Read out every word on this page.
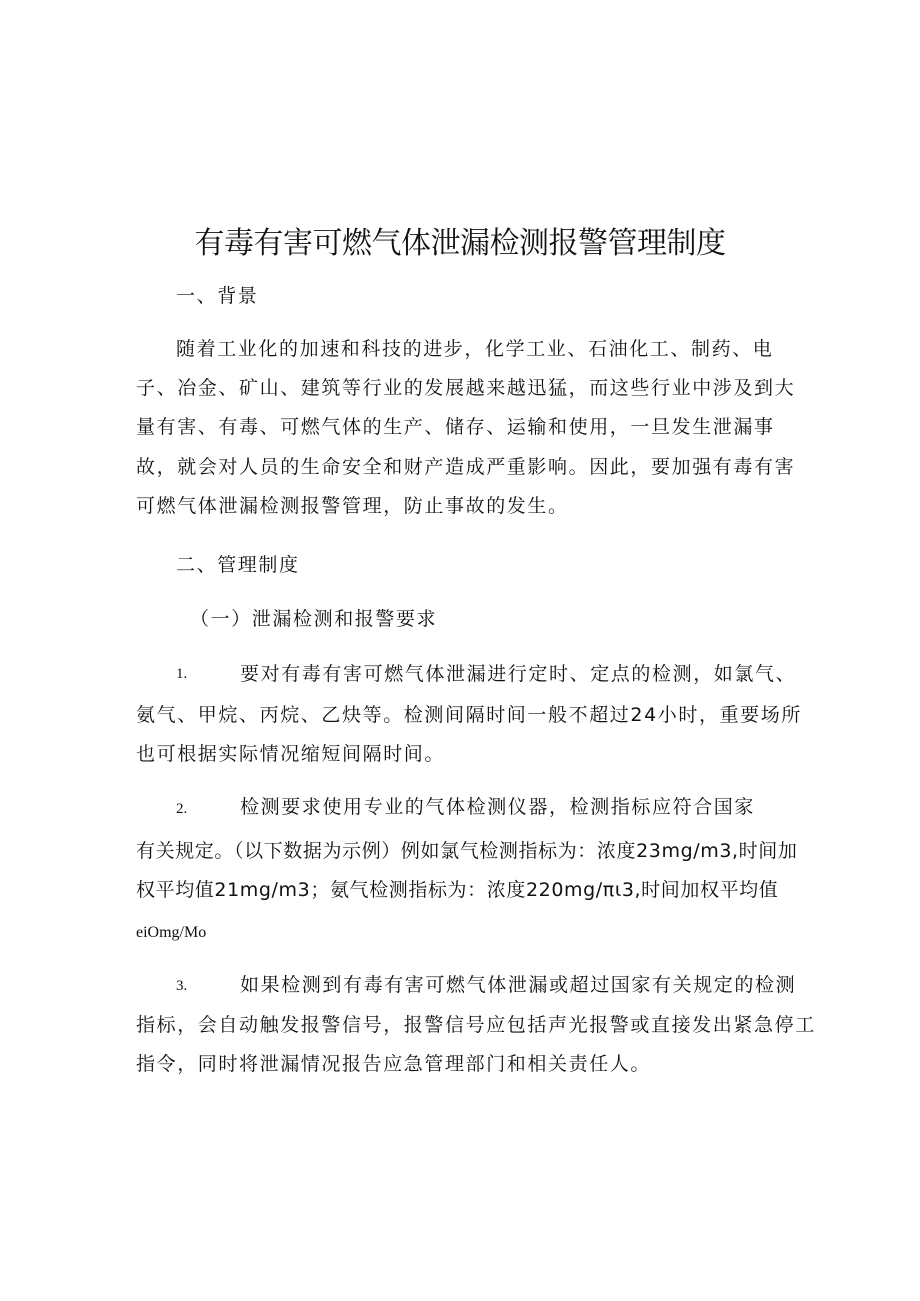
有毒有害可燃气体泄漏检测报警管理制度
一、背景
随着工业化的加速和科技的进步，化学工业、石油化工、制药、电
子、冶金、矿山、建筑等行业的发展越来越迅猛，而这些行业中涉及到大
量有害、有毒、可燃气体的生产、储存、运输和使用，一旦发生泄漏事
故，就会对人员的生命安全和财产造成严重影响。因此，要加强有毒有害
可燃气体泄漏检测报警管理，防止事故的发生。
二、管理制度
（一）泄漏检测和报警要求
1.	要对有毒有害可燃气体泄漏进行定时、定点的检测，如氯气、
氨气、甲烷、丙烷、乙炔等。检测间隔时间一般不超过24小时，重要场所
也可根据实际情况缩短间隔时间。
2.	检测要求使用专业的气体检测仪器，检测指标应符合国家
有关规定。（以下数据为示例）例如氯气检测指标为：浓度23mg∕m3,时间加
权平均值21mg∕m3；氨气检测指标为：浓度220mg∕πι3,时间加权平均值
eiOmg/Mo
3.	如果检测到有毒有害可燃气体泄漏或超过国家有关规定的检测
指标，会自动触发报警信号，报警信号应包括声光报警或直接发出紧急停工
指令，同时将泄漏情况报告应急管理部门和相关责任人。
